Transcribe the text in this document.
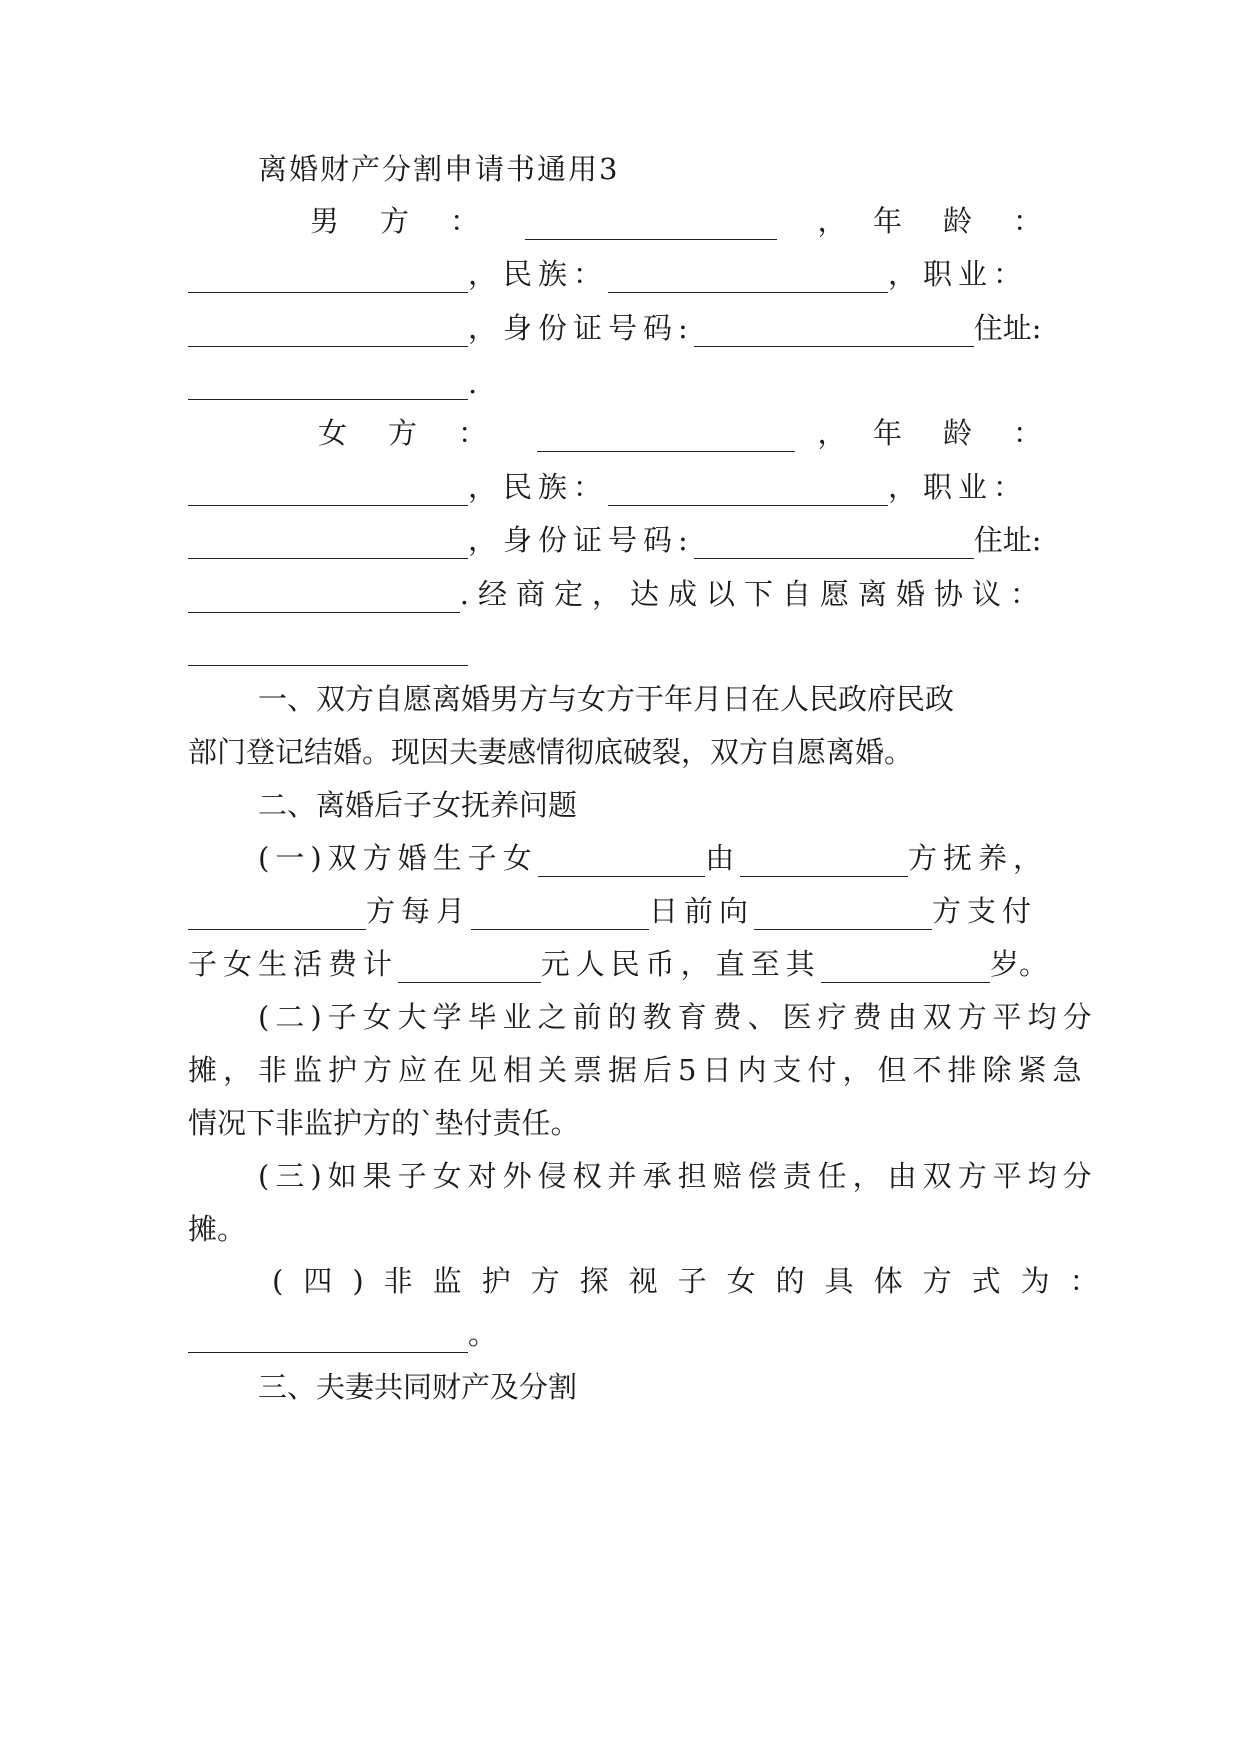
离婚财产分割申请书通用3
男　方　：	，　年　龄　：
，民族：	，职业：
，身份证号码:	住址:
.
女　方　：	，　年　龄　：
，民族：	，职业：
，身份证号码:	住址:
.经商定，达成以下自愿离婚协议：
一、双方自愿离婚男方与女方于年月日在人民政府民政
部门登记结婚。现因夫妻感情彻底破裂，双方自愿离婚。
二、离婚后子女抚养问题
(一)双方婚生子女	由	方抚养，
方每月	日前向	方支付
子女生活费计	元人民币，直至其	岁。
(二)子女大学毕业之前的教育费、医疗费由双方平均分
摊，非监护方应在见相关票据后5日内支付，但不排除紧急
情况下非监护方的`垫付责任。
(三)如果子女对外侵权并承担赔偿责任，由双方平均分
摊。
(四)非监护方探视子女的具体方式为：
。
三、夫妻共同财产及分割
